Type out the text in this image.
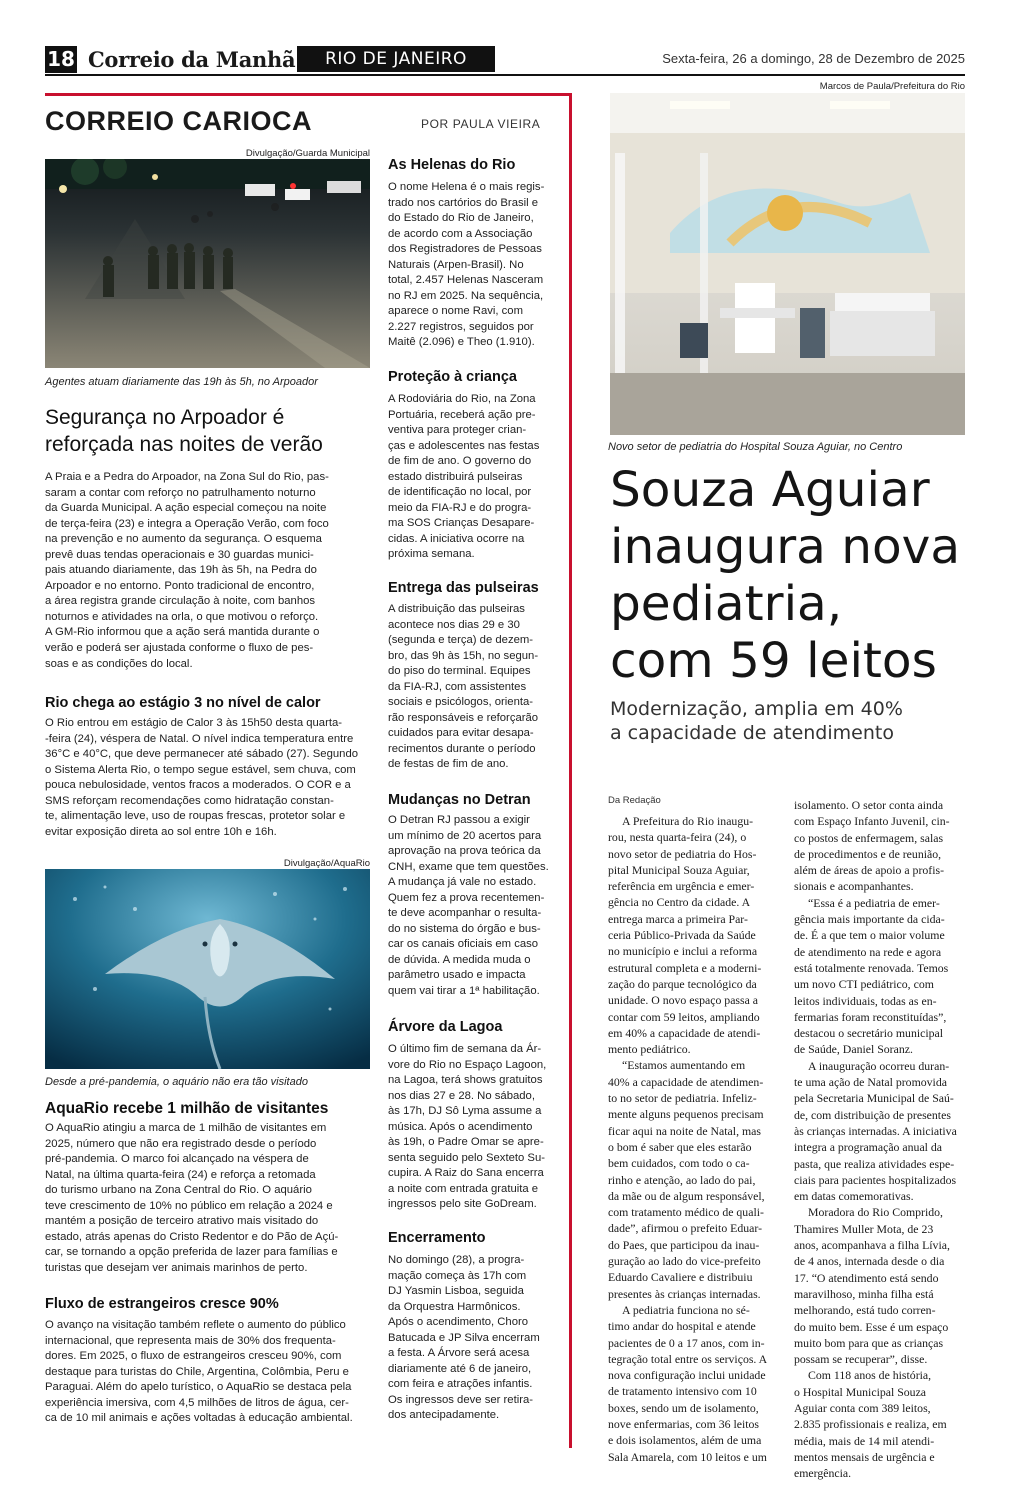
18 Correio da Manhã	RIO DE JANEIRO	Sexta-feira, 26 a domingo, 28 de Dezembro de 2025
CORREIO CARIOCA	POR PAULA VIEIRA
Divulgação/Guarda Municipal
Agentes atuam diariamente das 19h às 5h, no Arpoador
Segurança no Arpoador é
reforçada nas noites de verão
A Praia e a Pedra do Arpoador, na Zona Sul do Rio, pas-
saram a contar com reforço no patrulhamento noturno
da Guarda Municipal. A ação especial começou na noite
de terça-feira (23) e integra a Operação Verão, com foco
na prevenção e no aumento da segurança. O esquema
prevê duas tendas operacionais e 30 guardas munici-
pais atuando diariamente, das 19h às 5h, na Pedra do
Arpoador e no entorno. Ponto tradicional de encontro,
a área registra grande circulação à noite, com banhos
noturnos e atividades na orla, o que motivou o reforço.
A GM-Rio informou que a ação será mantida durante o
verão e poderá ser ajustada conforme o fluxo de pes-
soas e as condições do local.
Rio chega ao estágio 3 no nível de calor
O Rio entrou em estágio de Calor 3 às 15h50 desta quarta-
-feira (24), véspera de Natal. O nível indica temperatura entre
36°C e 40°C, que deve permanecer até sábado (27). Segundo
o Sistema Alerta Rio, o tempo segue estável, sem chuva, com
pouca nebulosidade, ventos fracos a moderados. O COR e a
SMS reforçam recomendações como hidratação constan-
te, alimentação leve, uso de roupas frescas, protetor solar e
evitar exposição direta ao sol entre 10h e 16h.
Divulgação/AquaRio
Desde a pré-pandemia, o aquário não era tão visitado
AquaRio recebe 1 milhão de visitantes
O AquaRio atingiu a marca de 1 milhão de visitantes em
2025, número que não era registrado desde o período
pré-pandemia. O marco foi alcançado na véspera de
Natal, na última quarta-feira (24) e reforça a retomada
do turismo urbano na Zona Central do Rio. O aquário
teve crescimento de 10% no público em relação a 2024 e
mantém a posição de terceiro atrativo mais visitado do
estado, atrás apenas do Cristo Redentor e do Pão de Açú-
car, se tornando a opção preferida de lazer para famílias e
turistas que desejam ver animais marinhos de perto.
Fluxo de estrangeiros cresce 90%
O avanço na visitação também reflete o aumento do público
internacional, que representa mais de 30% dos frequenta-
dores. Em 2025, o fluxo de estrangeiros cresceu 90%, com
destaque para turistas do Chile, Argentina, Colômbia, Peru e
Paraguai. Além do apelo turístico, o AquaRio se destaca pela
experiência imersiva, com 4,5 milhões de litros de água, cer-
ca de 10 mil animais e ações voltadas à educação ambiental.
As Helenas do Rio
O nome Helena é o mais regis-
trado nos cartórios do Brasil e
do Estado do Rio de Janeiro,
de acordo com a Associação
dos Registradores de Pessoas
Naturais (Arpen-Brasil). No
total, 2.457 Helenas Nasceram
no RJ em 2025. Na sequência,
aparece o nome Ravi, com
2.227 registros, seguidos por
Maitê (2.096) e Theo (1.910).
Proteção à criança
A Rodoviária do Rio, na Zona
Portuária, receberá ação pre-
ventiva para proteger crian-
ças e adolescentes nas festas
de fim de ano. O governo do
estado distribuirá pulseiras
de identificação no local, por
meio da FIA-RJ e do progra-
ma SOS Crianças Desapare-
cidas. A iniciativa ocorre na
próxima semana.
Entrega das pulseiras
A distribuição das pulseiras
acontece nos dias 29 e 30
(segunda e terça) de dezem-
bro, das 9h às 15h, no segun-
do piso do terminal. Equipes
da FIA-RJ, com assistentes
sociais e psicólogos, orienta-
rão responsáveis e reforçarão
cuidados para evitar desapa-
recimentos durante o período
de festas de fim de ano.
Mudanças no Detran
O Detran RJ passou a exigir
um mínimo de 20 acertos para
aprovação na prova teórica da
CNH, exame que tem questões.
A mudança já vale no estado.
Quem fez a prova recentemen-
te deve acompanhar o resulta-
do no sistema do órgão e bus-
car os canais oficiais em caso
de dúvida. A medida muda o
parâmetro usado e impacta
quem vai tirar a 1ª habilitação.
Árvore da Lagoa
O último fim de semana da Ár-
vore do Rio no Espaço Lagoon,
na Lagoa, terá shows gratuitos
nos dias 27 e 28. No sábado,
às 17h, DJ Sô Lyma assume a
música. Após o acendimento
às 19h, o Padre Omar se apre-
senta seguido pelo Sexteto Su-
cupira. A Raiz do Sana encerra
a noite com entrada gratuita e
ingressos pelo site GoDream.
Encerramento
No domingo (28), a progra-
mação começa às 17h com
DJ Yasmin Lisboa, seguida
da Orquestra Harmônicos.
Após o acendimento, Choro
Batucada e JP Silva encerram
a festa. A Árvore será acesa
diariamente até 6 de janeiro,
com feira e atrações infantis.
Os ingressos deve ser retira-
dos antecipadamente.
Marcos de Paula/Prefeitura do Rio
Novo setor de pediatria do Hospital Souza Aguiar, no Centro
Souza Aguiar
inaugura nova
pediatria,
com 59 leitos
Modernização, amplia em 40%
a capacidade de atendimento
Da Redação
A Prefeitura do Rio inaugu-
rou, nesta quarta-feira (24), o
novo setor de pediatria do Hos-
pital Municipal Souza Aguiar,
referência em urgência e emer-
gência no Centro da cidade. A
entrega marca a primeira Par-
ceria Público-Privada da Saúde
no município e inclui a reforma
estrutural completa e a moderni-
zação do parque tecnológico da
unidade. O novo espaço passa a
contar com 59 leitos, ampliando
em 40% a capacidade de atendi-
mento pediátrico.
“Estamos aumentando em
40% a capacidade de atendimen-
to no setor de pediatria. Infeliz-
mente alguns pequenos precisam
ficar aqui na noite de Natal, mas
o bom é saber que eles estarão
bem cuidados, com todo o ca-
rinho e atenção, ao lado do pai,
da mãe ou de algum responsável,
com tratamento médico de quali-
dade”, afirmou o prefeito Eduar-
do Paes, que participou da inau-
guração ao lado do vice-prefeito
Eduardo Cavaliere e distribuiu
presentes às crianças internadas.
A pediatria funciona no sé-
timo andar do hospital e atende
pacientes de 0 a 17 anos, com in-
tegração total entre os serviços. A
nova configuração inclui unidade
de tratamento intensivo com 10
boxes, sendo um de isolamento,
nove enfermarias, com 36 leitos
e dois isolamentos, além de uma
Sala Amarela, com 10 leitos e um
isolamento. O setor conta ainda
com Espaço Infanto Juvenil, cin-
co postos de enfermagem, salas
de procedimentos e de reunião,
além de áreas de apoio a profis-
sionais e acompanhantes.
“Essa é a pediatria de emer-
gência mais importante da cida-
de. É a que tem o maior volume
de atendimento na rede e agora
está totalmente renovada. Temos
um novo CTI pediátrico, com
leitos individuais, todas as en-
fermarias foram reconstituídas”,
destacou o secretário municipal
de Saúde, Daniel Soranz.
A inauguração ocorreu duran-
te uma ação de Natal promovida
pela Secretaria Municipal de Saú-
de, com distribuição de presentes
às crianças internadas. A iniciativa
integra a programação anual da
pasta, que realiza atividades espe-
ciais para pacientes hospitalizados
em datas comemorativas.
Moradora do Rio Comprido,
Thamires Muller Mota, de 23
anos, acompanhava a filha Lívia,
de 4 anos, internada desde o dia
17. “O atendimento está sendo
maravilhoso, minha filha está
melhorando, está tudo corren-
do muito bem. Esse é um espaço
muito bom para que as crianças
possam se recuperar”, disse.
Com 118 anos de história,
o Hospital Municipal Souza
Aguiar conta com 389 leitos,
2.835 profissionais e realiza, em
média, mais de 14 mil atendi-
mentos mensais de urgência e
emergência.
